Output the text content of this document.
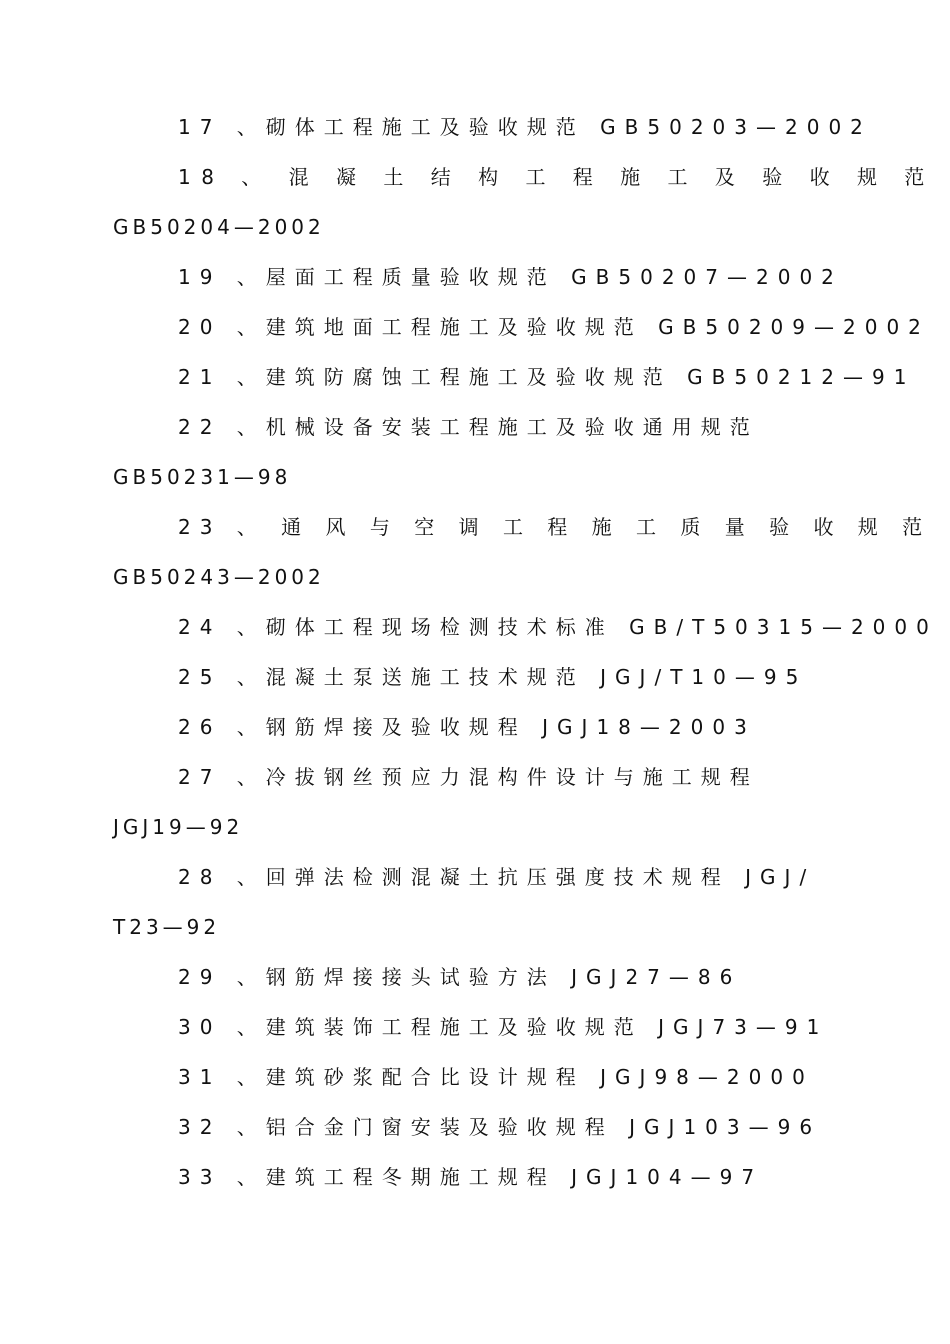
17 、砌体工程施工及验收规范 GB50203—2002
18 、 混 凝 土 结 构 工 程 施 工 及 验 收 规 范
GB50204—2002
19 、屋面工程质量验收规范 GB50207—2002
20 、建筑地面工程施工及验收规范 GB50209—2002
21 、建筑防腐蚀工程施工及验收规范 GB50212—91
22 、机械设备安装工程施工及验收通用规范
GB50231—98
23 、 通 风 与 空 调 工 程 施 工 质 量 验 收 规 范
GB50243—2002
24 、砌体工程现场检测技术标准 GB/T50315—2000
25 、混凝土泵送施工技术规范 JGJ/T10—95
26 、钢筋焊接及验收规程 JGJ18—2003
27 、冷拔钢丝预应力混构件设计与施工规程
JGJ19—92
28 、回弹法检测混凝土抗压强度技术规程 JGJ/
T23—92
29 、钢筋焊接接头试验方法 JGJ27—86
30 、建筑装饰工程施工及验收规范 JGJ73—91
31 、建筑砂浆配合比设计规程 JGJ98—2000
32 、铝合金门窗安装及验收规程 JGJ103—96
33 、建筑工程冬期施工规程 JGJ104—97
